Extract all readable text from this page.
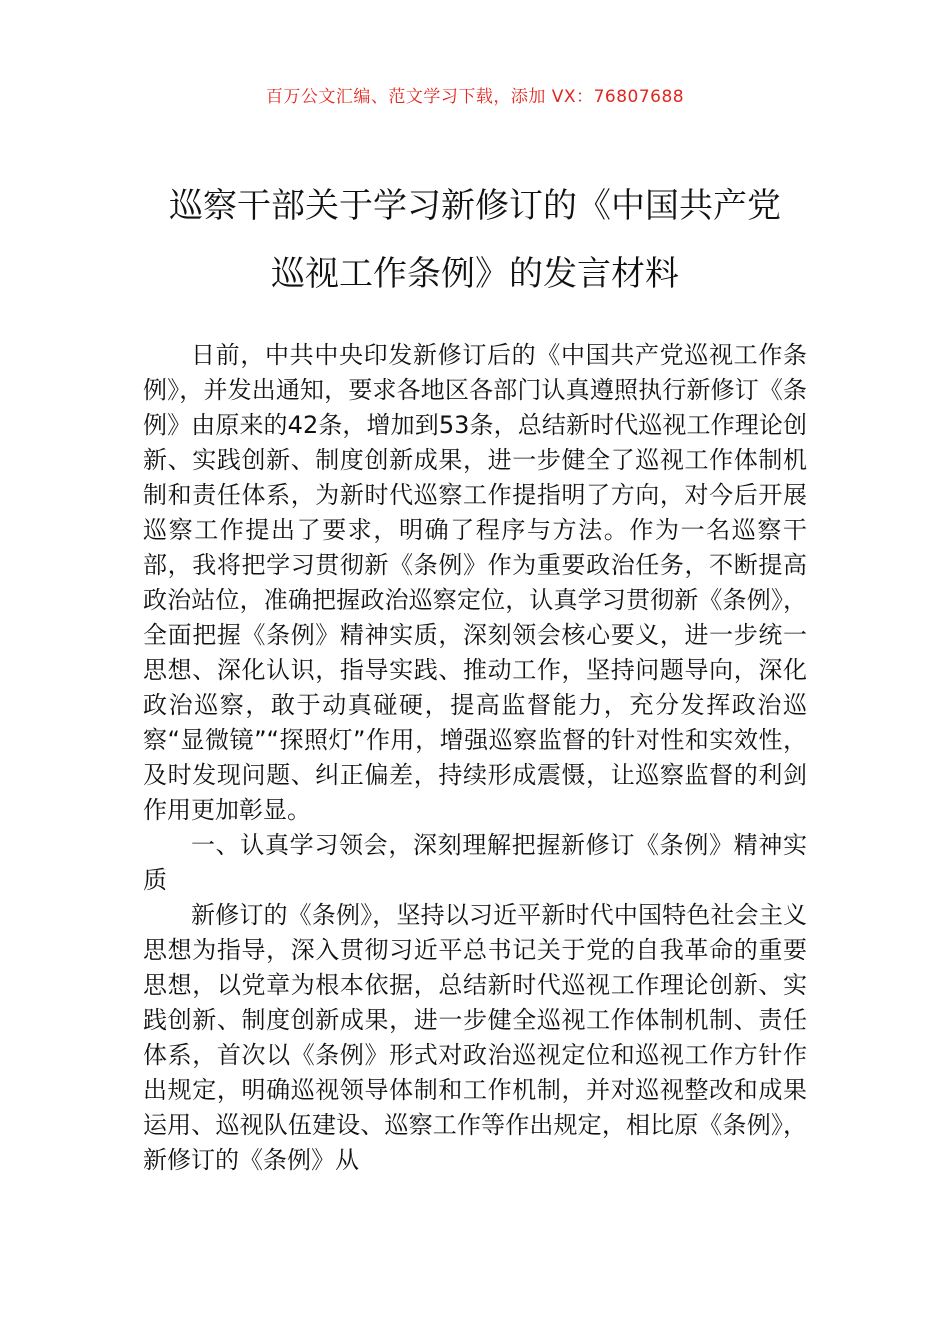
百万公文汇编、范文学习下载，添加 VX：76807688
巡察干部关于学习新修订的《中国共产党
巡视工作条例》的发言材料

日前，中共中央印发新修订后的《中国共产党巡视工作条例》，并发出通知，要求各地区各部门认真遵照执行新修订《条例》由原来的42条，增加到53条，总结新时代巡视工作理论创新、实践创新、制度创新成果，进一步健全了巡视工作体制机制和责任体系，为新时代巡察工作提指明了方向，对今后开展巡察工作提出了要求，明确了程序与方法。作为一名巡察干部，我将把学习贯彻新《条例》作为重要政治任务，不断提高政治站位，准确把握政治巡察定位，认真学习贯彻新《条例》，全面把握《条例》精神实质，深刻领会核心要义，进一步统一思想、深化认识，指导实践、推动工作，坚持问题导向，深化政治巡察，敢于动真碰硬，提高监督能力，充分发挥政治巡察“显微镜”“探照灯”作用，增强巡察监督的针对性和实效性，及时发现问题、纠正偏差，持续形成震慑，让巡察监督的利剑作用更加彰显。

一、认真学习领会，深刻理解把握新修订《条例》精神实质

新修订的《条例》，坚持以习近平新时代中国特色社会主义思想为指导，深入贯彻习近平总书记关于党的自我革命的重要思想，以党章为根本依据，总结新时代巡视工作理论创新、实践创新、制度创新成果，进一步健全巡视工作体制机制、责任体系，首次以《条例》形式对政治巡视定位和巡视工作方针作出规定，明确巡视领导体制和工作机制，并对巡视整改和成果运用、巡视队伍建设、巡察工作等作出规定，相比原《条例》，新修订的《条例》从
